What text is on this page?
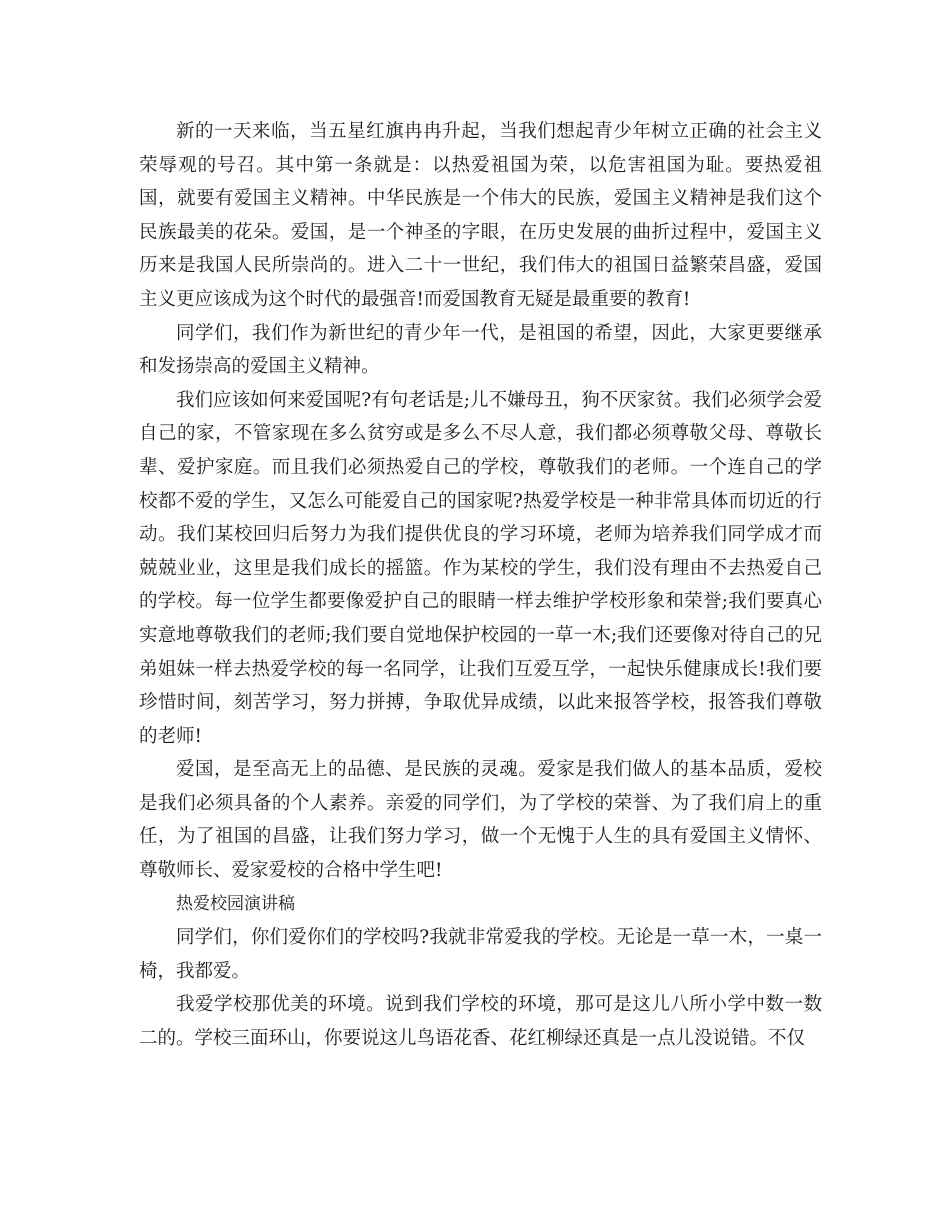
新的一天来临，当五星红旗冉冉升起，当我们想起青少年树立正确的社会主义荣辱观的号召。其中第一条就是：以热爱祖国为荣，以危害祖国为耻。要热爱祖国，就要有爱国主义精神。中华民族是一个伟大的民族，爱国主义精神是我们这个民族最美的花朵。爱国，是一个神圣的字眼，在历史发展的曲折过程中，爱国主义历来是我国人民所崇尚的。进入二十一世纪，我们伟大的祖国日益繁荣昌盛，爱国主义更应该成为这个时代的最强音!而爱国教育无疑是最重要的教育!

同学们，我们作为新世纪的青少年一代，是祖国的希望，因此，大家更要继承和发扬崇高的爱国主义精神。

我们应该如何来爱国呢?有句老话是;儿不嫌母丑，狗不厌家贫。我们必须学会爱自己的家，不管家现在多么贫穷或是多么不尽人意，我们都必须尊敬父母、尊敬长辈、爱护家庭。而且我们必须热爱自己的学校，尊敬我们的老师。一个连自己的学校都不爱的学生，又怎么可能爱自己的国家呢?热爱学校是一种非常具体而切近的行动。我们某校回归后努力为我们提供优良的学习环境，老师为培养我们同学成才而兢兢业业，这里是我们成长的摇篮。作为某校的学生，我们没有理由不去热爱自己的学校。每一位学生都要像爱护自己的眼睛一样去维护学校形象和荣誉;我们要真心实意地尊敬我们的老师;我们要自觉地保护校园的一草一木;我们还要像对待自己的兄弟姐妹一样去热爱学校的每一名同学，让我们互爱互学，一起快乐健康成长!我们要珍惜时间，刻苦学习，努力拼搏，争取优异成绩，以此来报答学校，报答我们尊敬的老师!

爱国，是至高无上的品德、是民族的灵魂。爱家是我们做人的基本品质，爱校是我们必须具备的个人素养。亲爱的同学们，为了学校的荣誉、为了我们肩上的重任，为了祖国的昌盛，让我们努力学习，做一个无愧于人生的具有爱国主义情怀、尊敬师长、爱家爱校的合格中学生吧!

热爱校园演讲稿

同学们，你们爱你们的学校吗?我就非常爱我的学校。无论是一草一木，一桌一椅，我都爱。

我爱学校那优美的环境。说到我们学校的环境，那可是这儿八所小学中数一数二的。学校三面环山，你要说这儿鸟语花香、花红柳绿还真是一点儿没说错。不仅
